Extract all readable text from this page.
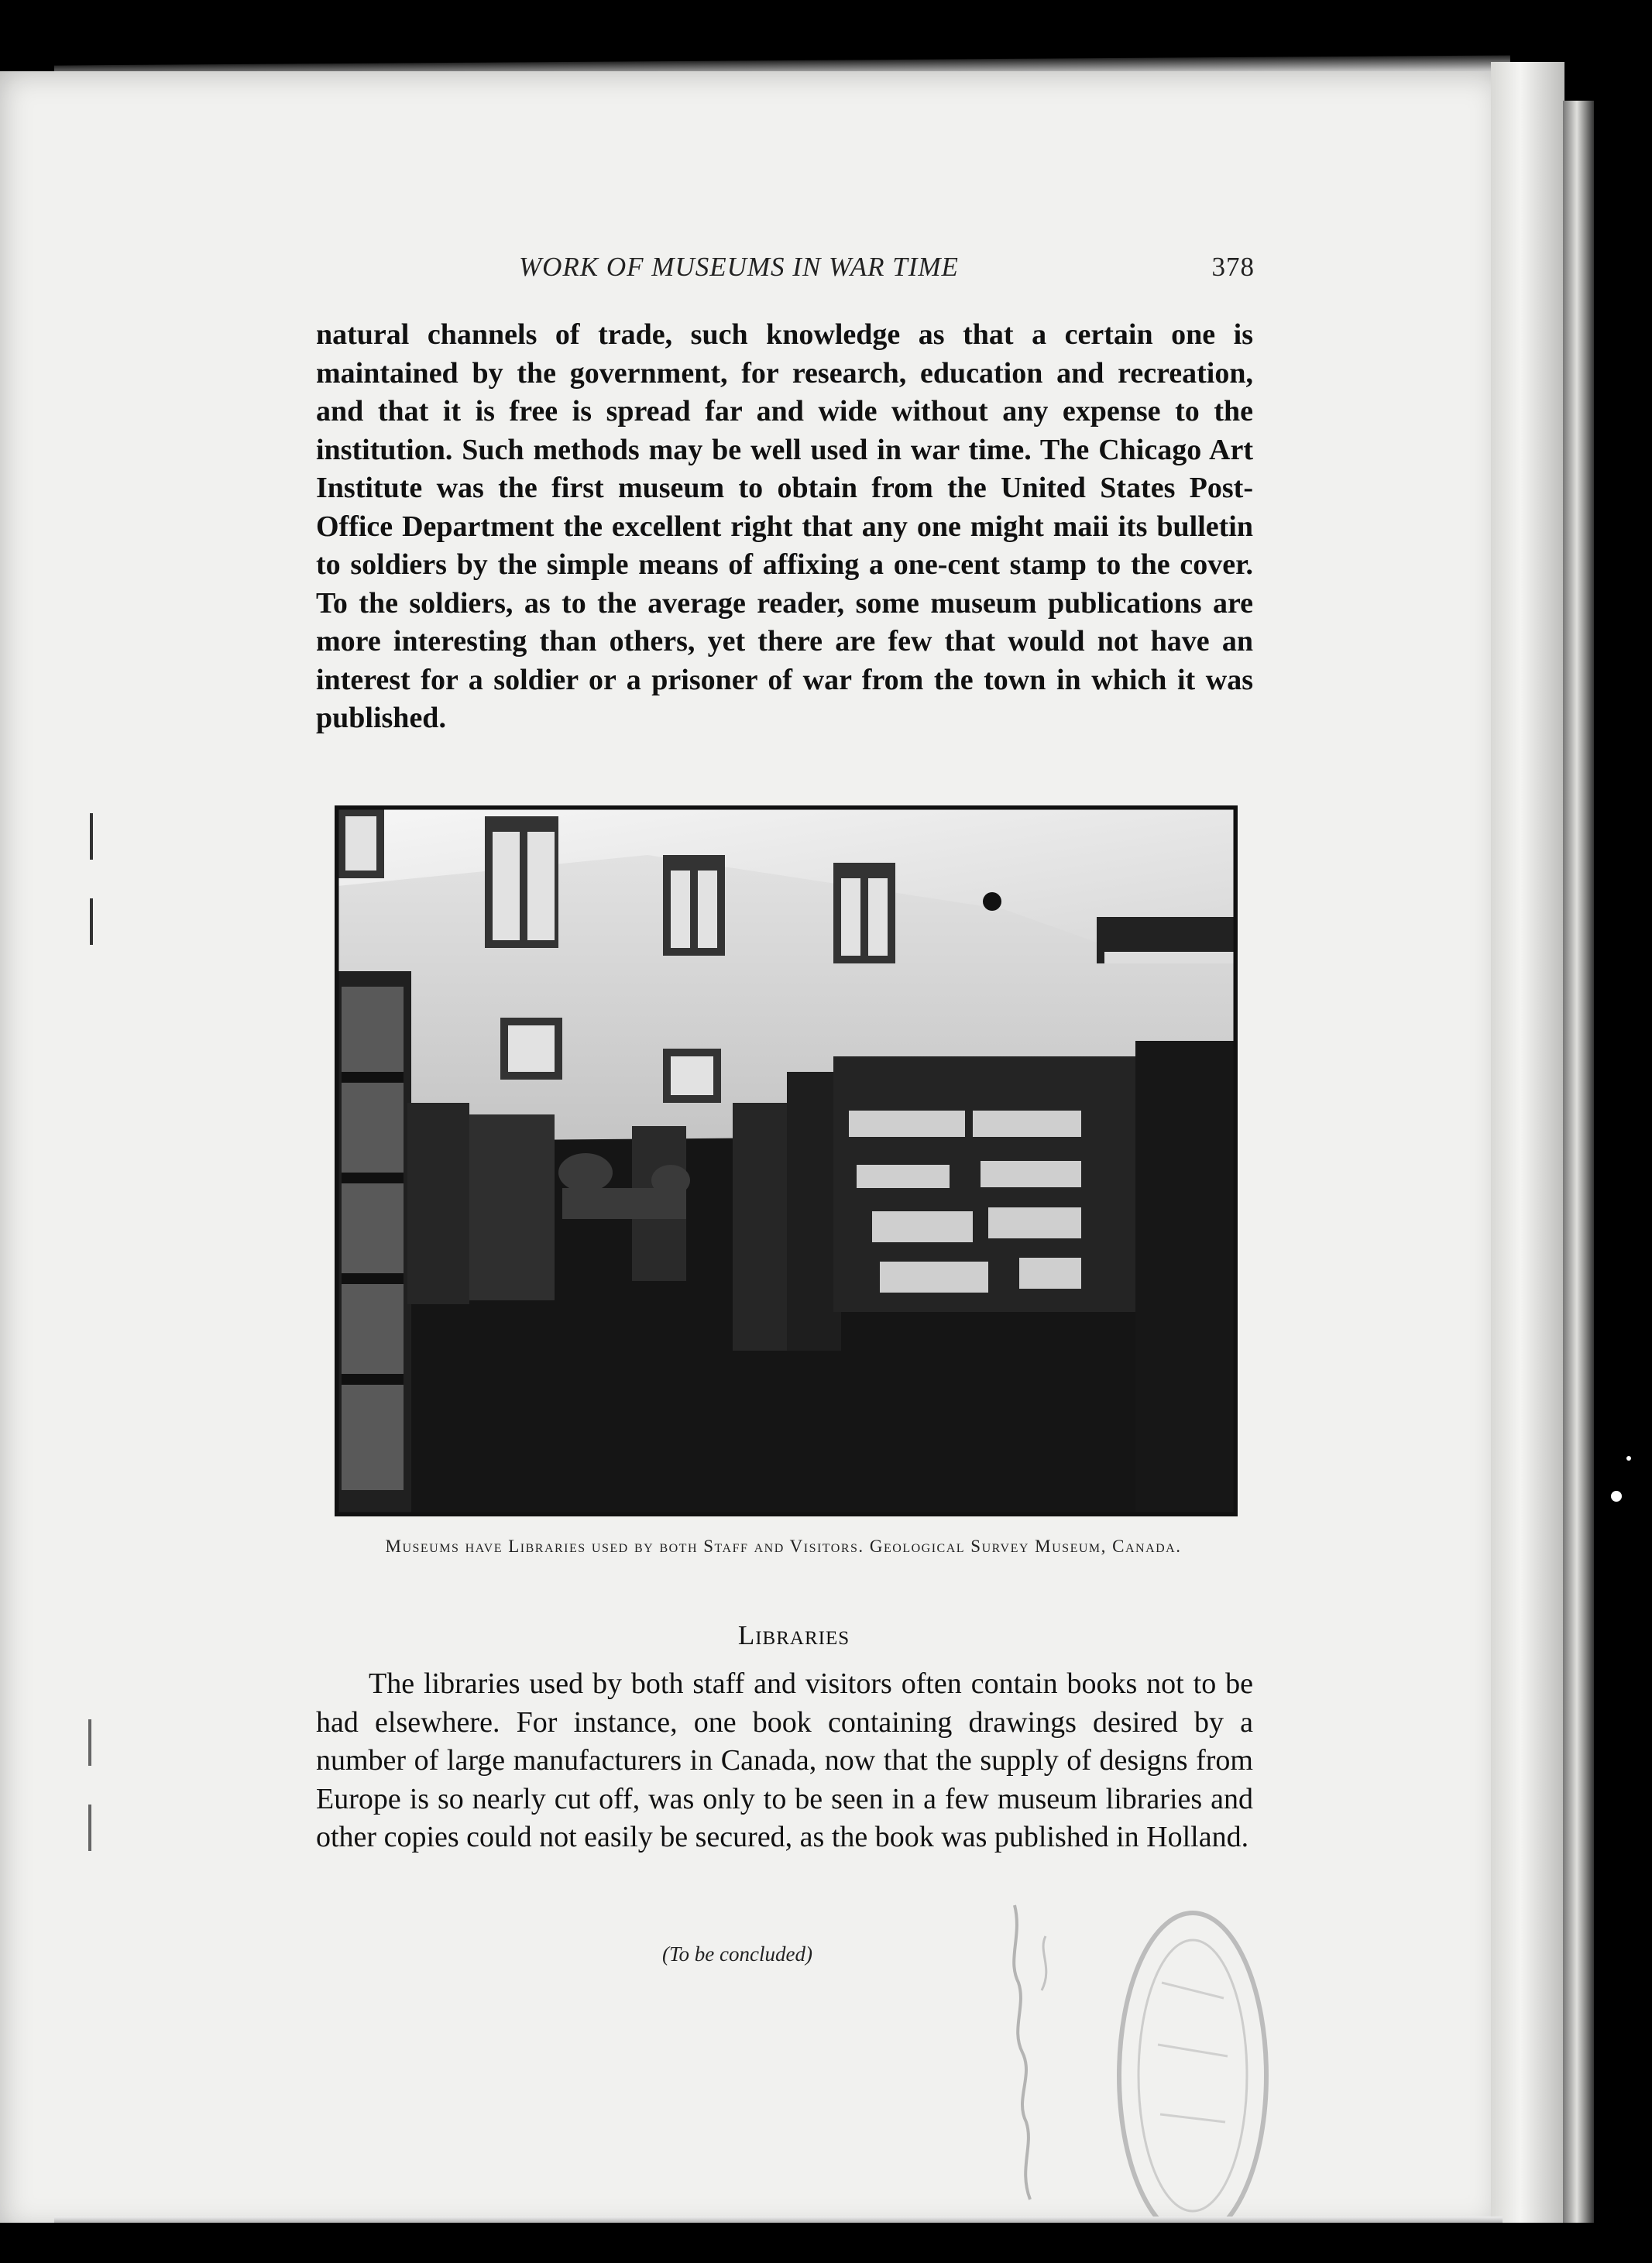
WORK OF MUSEUMS IN WAR TIME	378
natural channels of trade, such knowledge as that a certain one is maintained by the government, for research, education and recreation, and that it is free is spread far and wide without any expense to the institution. Such methods may be well used in war time. The Chicago Art Institute was the first museum to obtain from the United States Post-Office Department the excellent right that any one might maii its bulletin to soldiers by the simple means of affixing a one-cent stamp to the cover. To the soldiers, as to the average reader, some museum publications are more interesting than others, yet there are few that would not have an interest for a soldier or a prisoner of war from the town in which it was published.
Museums have Libraries used by both Staff and Visitors. Geological Survey Museum, Canada.
Libraries
The libraries used by both staff and visitors often contain books not to be had elsewhere. For instance, one book containing drawings desired by a number of large manufacturers in Canada, now that the supply of designs from Europe is so nearly cut off, was only to be seen in a few museum libraries and other copies could not easily be secured, as the book was published in Holland.
(To be concluded)
